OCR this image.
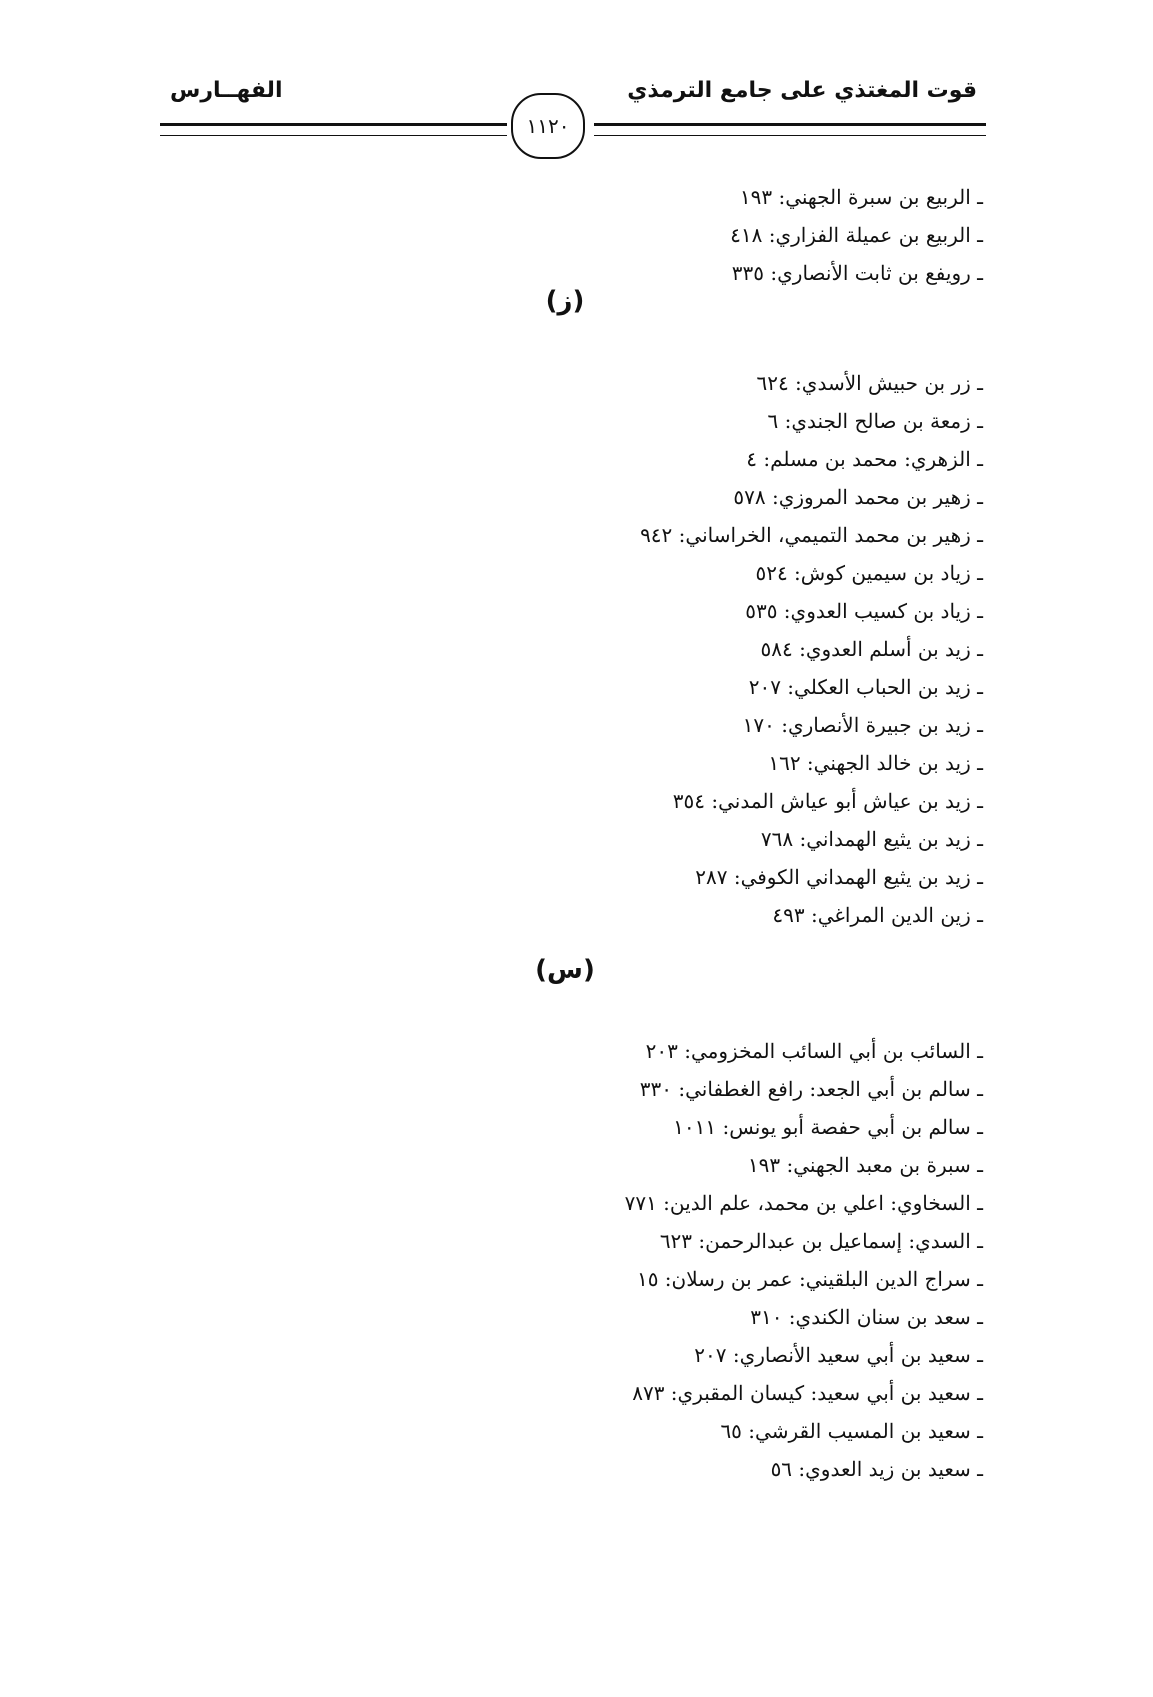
قوت المغتذي على جامع الترمذي
الفهــارس
١١٢٠
ـ الربيع بن سبرة الجهني: ١٩٣
ـ الربيع بن عميلة الفزاري: ٤١٨
ـ رويفع بن ثابت الأنصاري: ٣٣٥
(ز)
ـ زر بن حبيش الأسدي: ٦٢٤
ـ زمعة بن صالح الجندي: ٦
ـ الزهري: محمد بن مسلم: ٤
ـ زهير بن محمد المروزي: ٥٧٨
ـ زهير بن محمد التميمي، الخراساني: ٩٤٢
ـ زياد بن سيمين كوش: ٥٢٤
ـ زياد بن كسيب العدوي: ٥٣٥
ـ زيد بن أسلم العدوي: ٥٨٤
ـ زيد بن الحباب العكلي: ٢٠٧
ـ زيد بن جبيرة الأنصاري: ١٧٠
ـ زيد بن خالد الجهني: ١٦٢
ـ زيد بن عياش أبو عياش المدني: ٣٥٤
ـ زيد بن يثيع الهمداني: ٧٦٨
ـ زيد بن يثيع الهمداني الكوفي: ٢٨٧
ـ زين الدين المراغي: ٤٩٣
(س)
ـ السائب بن أبي السائب المخزومي: ٢٠٣
ـ سالم بن أبي الجعد: رافع الغطفاني: ٣٣٠
ـ سالم بن أبي حفصة أبو يونس: ١٠١١
ـ سبرة بن معبد الجهني: ١٩٣
ـ السخاوي: اعلي بن محمد، علم الدين: ٧٧١
ـ السدي: إسماعيل بن عبدالرحمن: ٦٢٣
ـ سراج الدين البلقيني: عمر بن رسلان: ١٥
ـ سعد بن سنان الكندي: ٣١٠
ـ سعيد بن أبي سعيد الأنصاري: ٢٠٧
ـ سعيد بن أبي سعيد: كيسان المقبري: ٨٧٣
ـ سعيد بن المسيب القرشي: ٦٥
ـ سعيد بن زيد العدوي: ٥٦
